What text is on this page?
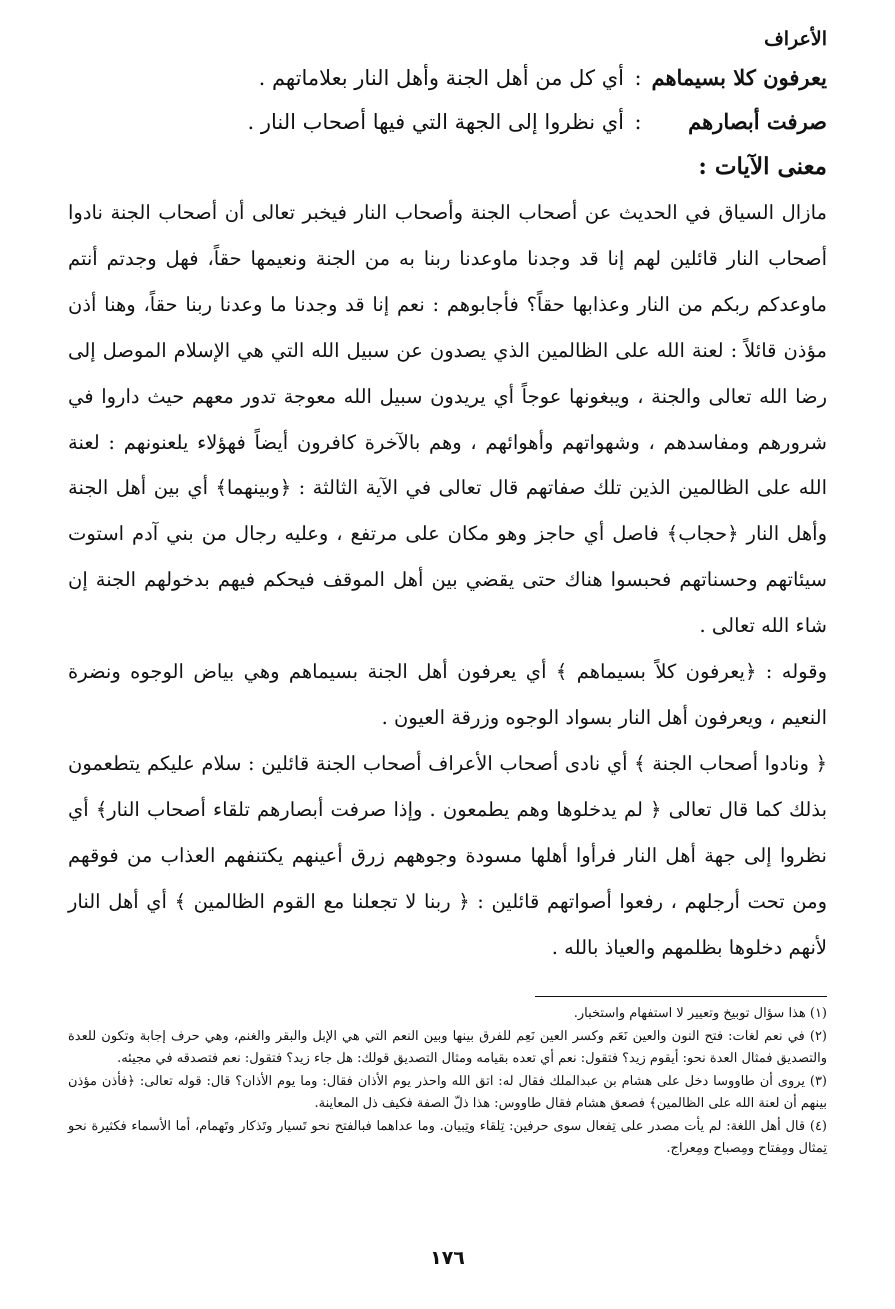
الأعراف
يعرفون كلا بسيماهم
:
أي كل من أهل الجنة وأهل النار بعلاماتهم .
صرفت أبصارهم
:
أي نظروا إلى الجهة التي فيها أصحاب النار .
معنى الآيات :

مازال السياق في الحديث عن أصحاب الجنة وأصحاب النار فيخبر تعالى أن أصحاب الجنة نادوا أصحاب النار قائلين لهم إنا قد وجدنا ماوعدنا ربنا به من الجنة ونعيمها حقاً، فهل وجدتم أنتم ماوعدكم ربكم من النار وعذابها حقاً؟ فأجابوهم : نعم إنا قد وجدنا ما وعدنا ربنا حقاً، وهنا أذن مؤذن قائلاً : لعنة الله على الظالمين الذي يصدون عن سبيل الله التي هي الإسلام الموصل إلى رضا الله تعالى والجنة ، ويبغونها عوجاً أي يريدون سبيل الله معوجة تدور معهم حيث داروا في شرورهم ومفاسدهم ، وشهواتهم وأهوائهم ، وهم بالآخرة كافرون أيضاً فهؤلاء يلعنونهم : لعنة الله على الظالمين الذين تلك صفاتهم قال تعالى في الآية الثالثة : ﴿وبينهما﴾ أي بين أهل الجنة وأهل النار ﴿حجاب﴾ فاصل أي حاجز وهو مكان على مرتفع ، وعليه رجال من بني آدم استوت سيئاتهم وحسناتهم فحبسوا هناك حتى يقضي بين أهل الموقف فيحكم فيهم بدخولهم الجنة إن شاء الله تعالى .

وقوله : ﴿يعرفون كلاً بسيماهم ﴾ أي يعرفون أهل الجنة بسيماهم وهي بياض الوجوه ونضرة النعيم ، ويعرفون أهل النار بسواد الوجوه وزرقة العيون .

﴿ ونادوا أصحاب الجنة ﴾ أي نادى أصحاب الأعراف أصحاب الجنة قائلين : سلام عليكم يتطعمون بذلك كما قال تعالى ﴿ لم يدخلوها وهم يطمعون . وإذا صرفت أبصارهم تلقاء أصحاب النار﴾ أي نظروا إلى جهة أهل النار فرأوا أهلها مسودة وجوههم زرق أعينهم يكتنفهم العذاب من فوقهم ومن تحت أرجلهم ، رفعوا أصواتهم قائلين : ﴿ ربنا لا تجعلنا مع القوم الظالمين ﴾ أي أهل النار لأنهم دخلوها بظلمهم والعياذ بالله .

(١) هذا سؤال توبيخ وتعيير لا استفهام واستخبار.

(٢) في نعم لغات: فتح النون والعين نَعَم وكسر العين نَعِم للفرق بينها وبين النعم التي هي الإبل والبقر والغنم، وهي حرف إجابة وتكون للعدة والتصديق فمثال العدة نحو: أيقوم زيد؟ فتقول: نعم أي تعده بقيامه ومثال التصديق قولك: هل جاء زيد؟ فتقول: نعم فتصدقه في مجيئه.

(٣) يروى أن طاووسا دخل على هشام بن عبدالملك فقال له: اتق الله واحذر يوم الأذان فقال: وما يوم الأذان؟ قال: قوله تعالى: ﴿فأذن مؤذن بينهم أن لعنة الله على الظالمين﴾ فصعق هشام فقال طاووس: هذا ذلّ الصفة فكيف ذل المعاينة.

(٤) قال أهل اللغة: لم يأت مصدر على تِفعال سوى حرفين: تِلقاء وتِبيان. وما عداهما فبالفتح نحو تَسيار وتَذكار وتَهمام، أما الأسماء فكثيرة نحو تِمثال ومِفتاح ومِصباح ومِعراج.

١٧٦
